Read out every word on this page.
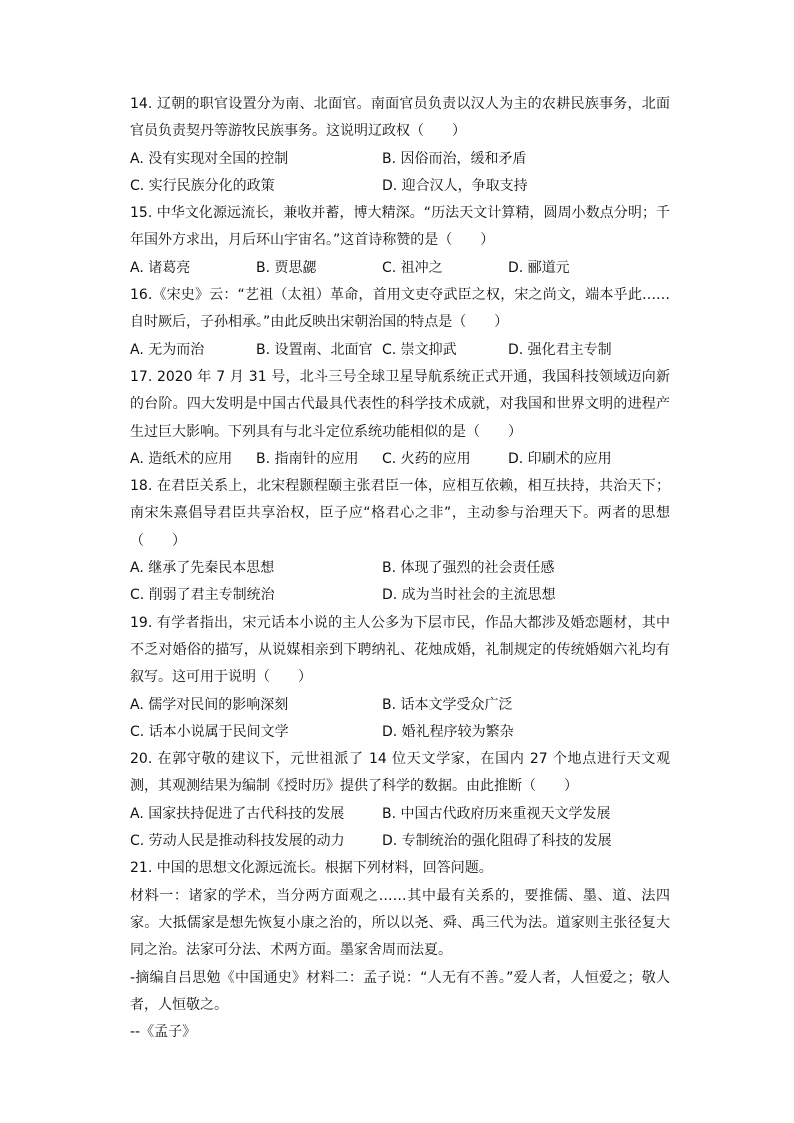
14. 辽朝的职官设置分为南、北面官。南面官员负责以汉人为主的农耕民族事务，北面官员负责契丹等游牧民族事务。这说明辽政权（　　）

A. 没有实现对全国的控制	B. 因俗而治，缓和矛盾
C. 实行民族分化的政策	D. 迎合汉人，争取支持

15. 中华文化源远流长，兼收并蓄，博大精深。“历法天文计算精，圆周小数点分明；千年国外方求出，月后环山宇宙名。”这首诗称赞的是（　　）

A. 诸葛亮	B. 贾思勰	C. 祖冲之	D. 郦道元

16.《宋史》云：“艺祖（太祖）革命，首用文吏夺武臣之权，宋之尚文，端本乎此……自时厥后，子孙相承。”由此反映出宋朝治国的特点是（　　）

A. 无为而治	B. 设置南、北面官 C. 崇文抑武	D. 强化君主专制

17. 2020 年 7 月 31 号，北斗三号全球卫星导航系统正式开通，我国科技领域迈向新的台阶。四大发明是中国古代最具代表性的科学技术成就，对我国和世界文明的进程产生过巨大影响。下列具有与北斗定位系统功能相似的是（　　）

A. 造纸术的应用	B. 指南针的应用	C. 火药的应用	D. 印刷术的应用

18. 在君臣关系上，北宋程颢程颐主张君臣一体，应相互依赖，相互扶持，共治天下；南宋朱熹倡导君臣共享治权，臣子应“格君心之非”，主动参与治理天下。两者的思想（　　）

A. 继承了先秦民本思想	B. 体现了强烈的社会责任感
C. 削弱了君主专制统治	D. 成为当时社会的主流思想

19. 有学者指出，宋元话本小说的主人公多为下层市民，作品大都涉及婚恋题材，其中不乏对婚俗的描写，从说媒相亲到下聘纳礼、花烛成婚，礼制规定的传统婚姻六礼均有叙写。这可用于说明（　　）

A. 儒学对民间的影响深刻	B. 话本文学受众广泛
C. 话本小说属于民间文学	D. 婚礼程序较为繁杂

20. 在郭守敬的建议下，元世祖派了 14 位天文学家，在国内 27 个地点进行天文观测，其观测结果为编制《授时历》提供了科学的数据。由此推断（　　）

A. 国家扶持促进了古代科技的发展	B. 中国古代政府历来重视天文学发展
C. 劳动人民是推动科技发展的动力	D. 专制统治的强化阻碍了科技的发展

21. 中国的思想文化源远流长。根据下列材料，回答问题。

材料一：诸家的学术，当分两方面观之……其中最有关系的，要推儒、墨、道、法四家。大抵儒家是想先恢复小康之治的，所以以尧、舜、禹三代为法。道家则主张径复大同之治。法家可分法、术两方面。墨家舍周而法夏。

-摘编自吕思勉《中国通史》材料二：孟子说：“人无有不善。”爱人者，人恒爱之；敬人者，人恒敬之。

--《孟子》
